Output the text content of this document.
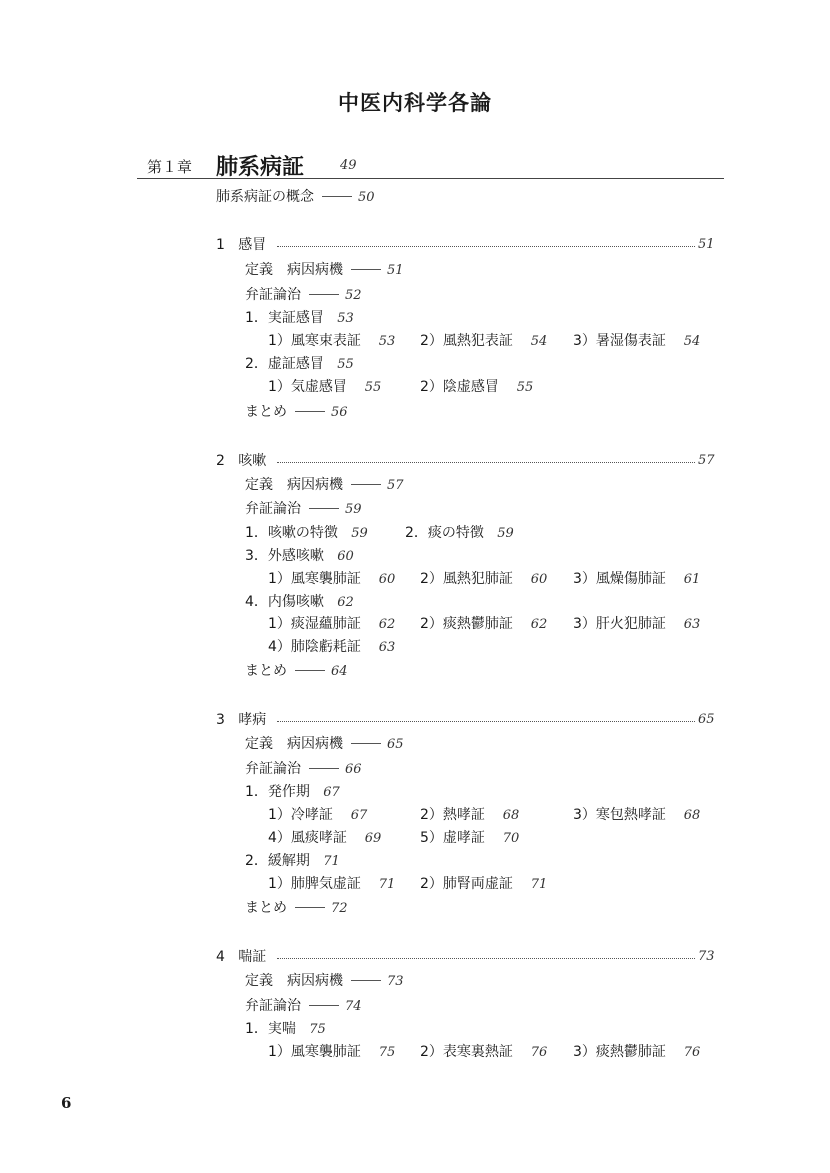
中医内科学各論
第１章 肺系病証	49
肺系病証の概念	50
1 感冒	51
定義　病因病機	51
弁証論治	52
1．実証感冒 53
1）風寒束表証 53 2）風熱犯表証 54 3）暑湿傷表証 54
2．虚証感冒 55
1）気虚感冒 55	2）陰虚感冒 55
まとめ	56
2 咳嗽	57
定義　病因病機	57
弁証論治	59
1．咳嗽の特徴 59	2．痰の特徴 59
3．外感咳嗽 60
1）風寒襲肺証 60 2）風熱犯肺証 60 3）風燥傷肺証 61
4．内傷咳嗽 62
1）痰湿蘊肺証 62 2）痰熱鬱肺証 62 3）肝火犯肺証 63
4）肺陰虧耗証 63
まとめ	64
3 哮病	65
定義　病因病機	65
弁証論治	66
1．発作期 67
1）冷哮証 67	2）熱哮証 68	3）寒包熱哮証 68
4）風痰哮証 69	5）虚哮証 70
2．緩解期 71
1）肺脾気虚証 71 2）肺腎両虚証 71
まとめ	72
4 喘証	73
定義　病因病機	73
弁証論治	74
1．実喘 75
1）風寒襲肺証 75 2）表寒裏熱証 76 3）痰熱鬱肺証 76
6
